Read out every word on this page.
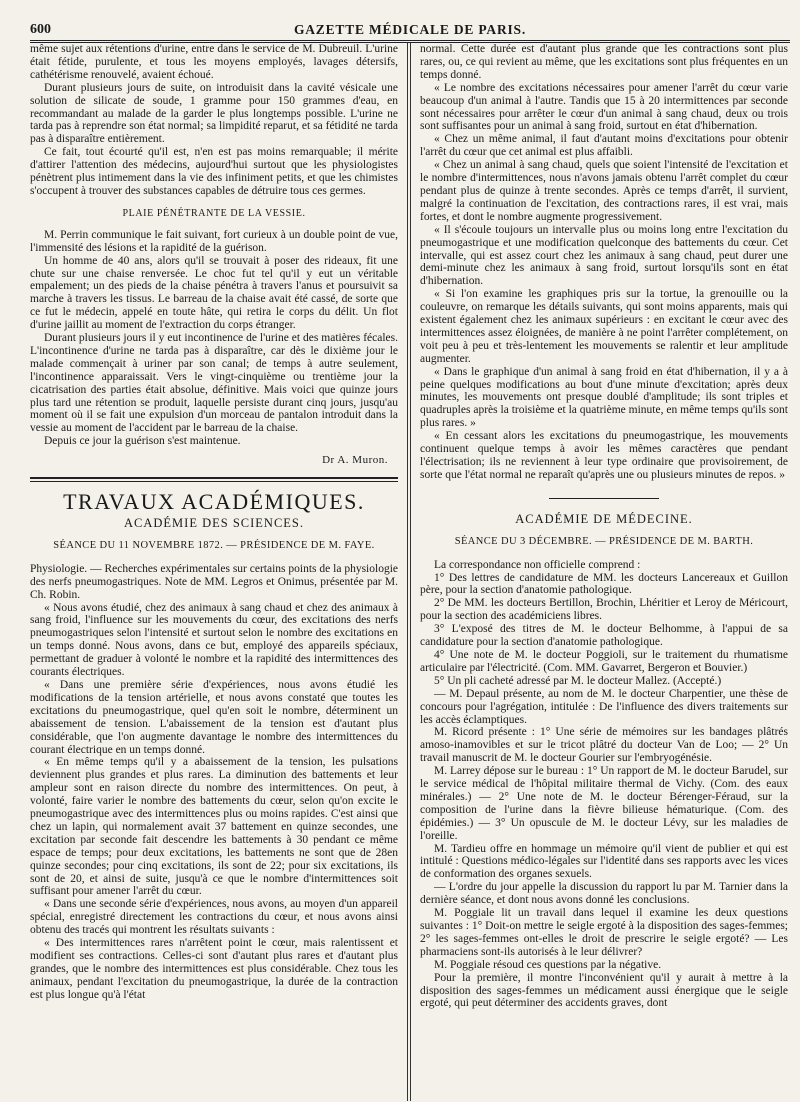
600	GAZETTE MÉDICALE DE PARIS.

même sujet aux rétentions d'urine, entre dans le service de M. Dubreuil. L'urine était fétide, purulente, et tous les moyens employés, lavages détersifs, cathétérisme renouvelé, avaient échoué.

Durant plusieurs jours de suite, on introduisit dans la cavité vésicale une solution de silicate de soude, 1 gramme pour 150 grammes d'eau, en recommandant au malade de la garder le plus longtemps possible. L'urine ne tarda pas à reprendre son état normal; sa limpidité reparut, et sa fétidité ne tarda pas à disparaître entièrement.

Ce fait, tout écourté qu'il est, n'en est pas moins remarquable; il mérite d'attirer l'attention des médecins, aujourd'hui surtout que les physiologistes pénètrent plus intimement dans la vie des infiniment petits, et que les chimistes s'occupent à trouver des substances capables de détruire tous ces germes.

PLAIE PÉNÉTRANTE DE LA VESSIE.

M. Perrin communique le fait suivant, fort curieux à un double point de vue, l'immensité des lésions et la rapidité de la guérison.

Un homme de 40 ans, alors qu'il se trouvait à poser des rideaux, fit une chute sur une chaise renversée. Le choc fut tel qu'il y eut un véritable empalement; un des pieds de la chaise pénétra à travers l'anus et poursuivit sa marche à travers les tissus. Le barreau de la chaise avait été cassé, de sorte que ce fut le médecin, appelé en toute hâte, qui retira le corps du délit. Un flot d'urine jaillit au moment de l'extraction du corps étranger.

Durant plusieurs jours il y eut incontinence de l'urine et des matières fécales. L'incontinence d'urine ne tarda pas à disparaître, car dès le dixième jour le malade commençait à uriner par son canal; de temps à autre seulement, l'incontinence apparaissait. Vers le vingt-cinquième ou trentième jour la cicatrisation des parties était absolue, définitive. Mais voici que quinze jours plus tard une rétention se produit, laquelle persiste durant cinq jours, jusqu'au moment où il se fait une expulsion d'un morceau de pantalon introduit dans la vessie au moment de l'accident par le barreau de la chaise.

Depuis ce jour la guérison s'est maintenue.

Dr A. Muron.
TRAVAUX ACADÉMIQUES.
ACADÉMIE DES SCIENCES.
SÉANCE DU 11 NOVEMBRE 1872. — PRÉSIDENCE DE M. FAYE.

Physiologie. — Recherches expérimentales sur certains points de la physiologie des nerfs pneumogastriques. Note de MM. Legros et Onimus, présentée par M. Ch. Robin.

« Nous avons étudié, chez des animaux à sang chaud et chez des animaux à sang froid, l'influence sur les mouvements du cœur, des excitations des nerfs pneumogastriques selon l'intensité et surtout selon le nombre des excitations en un temps donné. Nous avons, dans ce but, employé des appareils spéciaux, permettant de graduer à volonté le nombre et la rapidité des intermittences des courants électriques.

« Dans une première série d'expériences, nous avons étudié les modifications de la tension artérielle, et nous avons constaté que toutes les excitations du pneumogastrique, quel qu'en soit le nombre, déterminent un abaissement de tension. L'abaissement de la tension est d'autant plus considérable, que l'on augmente davantage le nombre des intermittences du courant électrique en un temps donné.

« En même temps qu'il y a abaissement de la tension, les pulsations deviennent plus grandes et plus rares. La diminution des battements et leur ampleur sont en raison directe du nombre des intermittences. On peut, à volonté, faire varier le nombre des battements du cœur, selon qu'on excite le pneumogastrique avec des intermittences plus ou moins rapides. C'est ainsi que chez un lapin, qui normalement avait 37 battement en quinze secondes, une excitation par seconde fait descendre les battements à 30 pendant ce même espace de temps; pour deux excitations, les battements ne sont que de 28en quinze secondes; pour cinq excitations, ils sont de 22; pour six excitations, ils sont de 20, et ainsi de suite, jusqu'à ce que le nombre d'intermittences soit suffisant pour amener l'arrêt du cœur.

« Dans une seconde série d'expériences, nous avons, au moyen d'un appareil spécial, enregistré directement les contractions du cœur, et nous avons ainsi obtenu des tracés qui montrent les résultats suivants :

« Des intermittences rares n'arrêtent point le cœur, mais ralentissent et modifient ses contractions. Celles-ci sont d'autant plus rares et d'autant plus grandes, que le nombre des intermittences est plus considérable. Chez tous les animaux, pendant l'excitation du pneumogastrique, la durée de la contraction est plus longue qu'à l'état

normal. Cette durée est d'autant plus grande que les contractions sont plus rares, ou, ce qui revient au même, que les excitations sont plus fréquentes en un temps donné.

« Le nombre des excitations nécessaires pour amener l'arrêt du cœur varie beaucoup d'un animal à l'autre. Tandis que 15 à 20 intermittences par seconde sont nécessaires pour arrêter le cœur d'un animal à sang chaud, deux ou trois sont suffisantes pour un animal à sang froid, surtout en état d'hibernation.

« Chez un même animal, il faut d'autant moins d'excitations pour obtenir l'arrêt du cœur que cet animal est plus affaibli.

« Chez un animal à sang chaud, quels que soient l'intensité de l'excitation et le nombre d'intermittences, nous n'avons jamais obtenu l'arrêt complet du cœur pendant plus de quinze à trente secondes. Après ce temps d'arrêt, il survient, malgré la continuation de l'excitation, des contractions rares, il est vrai, mais fortes, et dont le nombre augmente progressivement.

« Il s'écoule toujours un intervalle plus ou moins long entre l'excitation du pneumogastrique et une modification quelconque des battements du cœur. Cet intervalle, qui est assez court chez les animaux à sang chaud, peut durer une demi-minute chez les animaux à sang froid, surtout lorsqu'ils sont en état d'hibernation.

« Si l'on examine les graphiques pris sur la tortue, la grenouille ou la couleuvre, on remarque les détails suivants, qui sont moins apparents, mais qui existent également chez les animaux supérieurs : en excitant le cœur avec des intermittences assez éloignées, de manière à ne point l'arrêter complétement, on voit peu à peu et très-lentement les mouvements se ralentir et leur amplitude augmenter.

« Dans le graphique d'un animal à sang froid en état d'hibernation, il y a à peine quelques modifications au bout d'une minute d'excitation; après deux minutes, les mouvements ont presque doublé d'amplitude; ils sont triples et quadruples après la troisième et la quatrième minute, en même temps qu'ils sont plus rares. »

« En cessant alors les excitations du pneumogastrique, les mouvements continuent quelque temps à avoir les mêmes caractères que pendant l'électrisation; ils ne reviennent à leur type ordinaire que provisoirement, de sorte que l'état normal ne reparaît qu'après une ou plusieurs minutes de repos. »

ACADÉMIE DE MÉDECINE.
SÉANCE DU 3 DÉCEMBRE. — PRÉSIDENCE DE M. BARTH.

La correspondance non officielle comprend :

1° Des lettres de candidature de MM. les docteurs Lancereaux et Guillon père, pour la section d'anatomie pathologique.

2° De MM. les docteurs Bertillon, Brochin, Lhéritier et Leroy de Méricourt, pour la section des académiciens libres.

3° L'exposé des titres de M. le docteur Belhomme, à l'appui de sa candidature pour la section d'anatomie pathologique.

4° Une note de M. le docteur Poggioli, sur le traitement du rhumatisme articulaire par l'électricité. (Com. MM. Gavarret, Bergeron et Bouvier.)

5° Un pli cacheté adressé par M. le docteur Mallez. (Accepté.)

— M. Depaul présente, au nom de M. le docteur Charpentier, une thèse de concours pour l'agrégation, intitulée : De l'influence des divers traitements sur les accès éclamptiques.

M. Ricord présente : 1° Une série de mémoires sur les bandages plâtrés amoso-inamovibles et sur le tricot plâtré du docteur Van de Loo; — 2° Un travail manuscrit de M. le docteur Gourier sur l'embryogénésie.

M. Larrey dépose sur le bureau : 1° Un rapport de M. le docteur Barudel, sur le service médical de l'hôpital militaire thermal de Vichy. (Com. des eaux minérales.) — 2° Une note de M. le docteur Bérenger-Féraud, sur la composition de l'urine dans la fièvre bilieuse hématurique. (Com. des épidémies.) — 3° Un opuscule de M. le docteur Lévy, sur les maladies de l'oreille.

M. Tardieu offre en hommage un mémoire qu'il vient de publier et qui est intitulé : Questions médico-légales sur l'identité dans ses rapports avec les vices de conformation des organes sexuels.

— L'ordre du jour appelle la discussion du rapport lu par M. Tarnier dans la dernière séance, et dont nous avons donné les conclusions.

M. Poggiale lit un travail dans lequel il examine les deux questions suivantes : 1° Doit-on mettre le seigle ergoté à la disposition des sages-femmes; 2° les sages-femmes ont-elles le droit de prescrire le seigle ergoté? — Les pharmaciens sont-ils autorisés à le leur délivrer?

M. Poggiale résoud ces questions par la négative.

Pour la première, il montre l'inconvénient qu'il y aurait à mettre à la disposition des sages-femmes un médicament aussi énergique que le seigle ergoté, qui peut déterminer des accidents graves, dont
